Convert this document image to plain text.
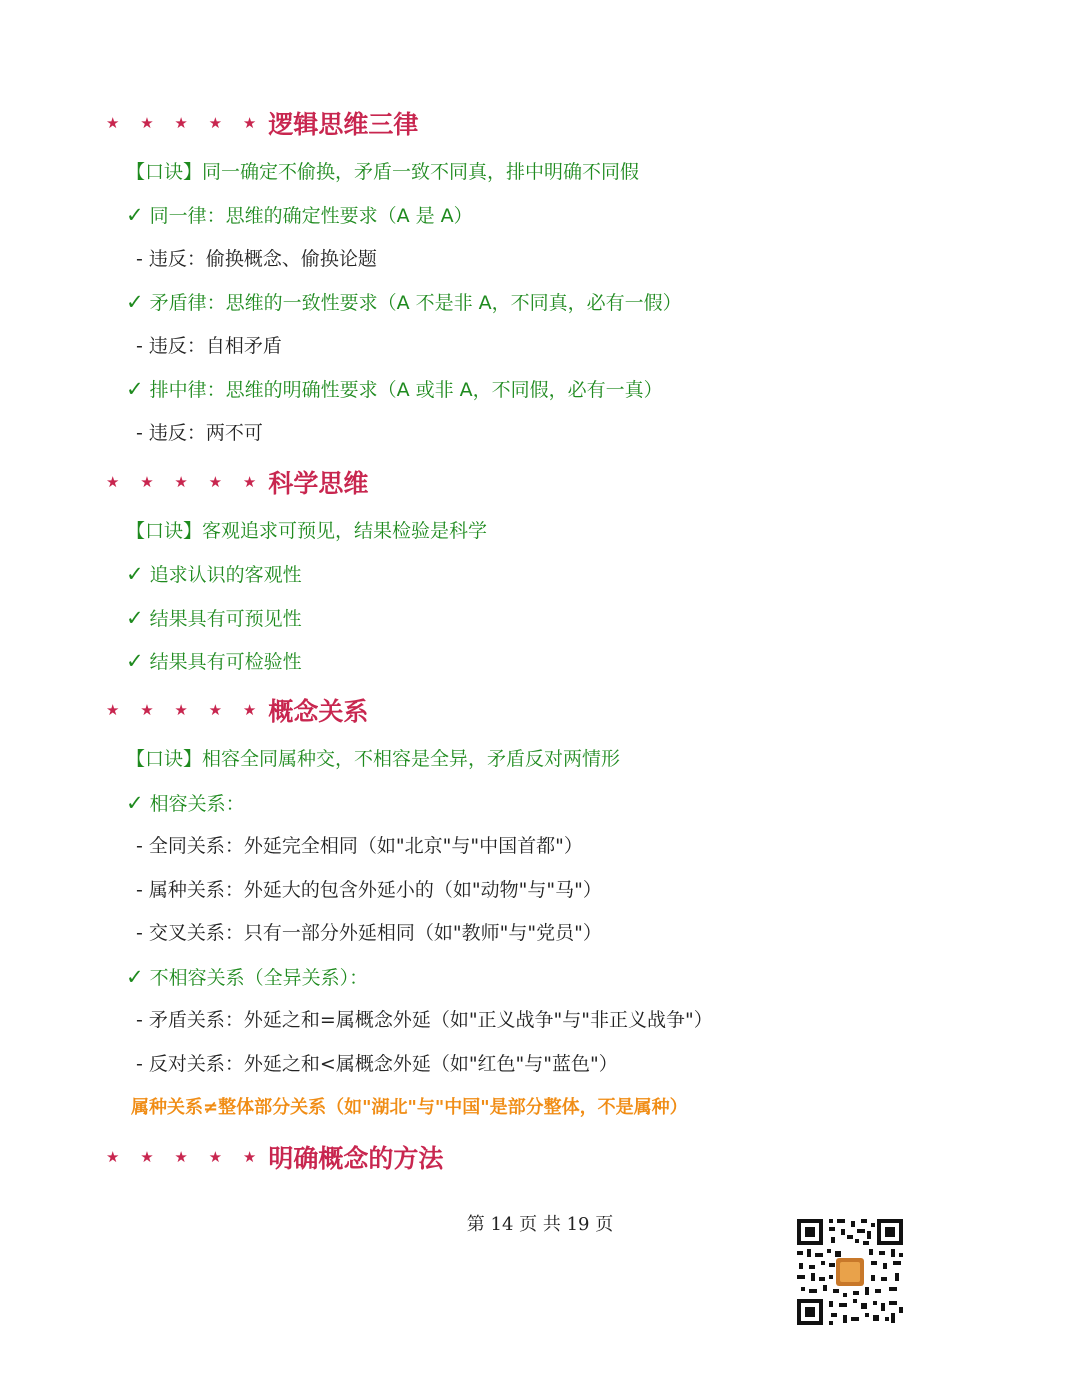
★ ★ ★ ★ ★ 逻辑思维三律
【口诀】同一确定不偷换，矛盾一致不同真，排中明确不同假
✓ 同一律：思维的确定性要求（A 是 A）
- 违反：偷换概念、偷换论题
✓ 矛盾律：思维的一致性要求（A 不是非 A，不同真，必有一假）
- 违反：自相矛盾
✓ 排中律：思维的明确性要求（A 或非 A，不同假，必有一真）
- 违反：两不可
★ ★ ★ ★ ★ 科学思维
【口诀】客观追求可预见，结果检验是科学
✓ 追求认识的客观性
✓ 结果具有可预见性
✓ 结果具有可检验性
★ ★ ★ ★ ★ 概念关系
【口诀】相容全同属种交，不相容是全异，矛盾反对两情形
✓ 相容关系：
- 全同关系：外延完全相同（如"北京"与"中国首都"）
- 属种关系：外延大的包含外延小的（如"动物"与"马"）
- 交叉关系：只有一部分外延相同（如"教师"与"党员"）
✓ 不相容关系（全异关系）：
- 矛盾关系：外延之和=属概念外延（如"正义战争"与"非正义战争"）
- 反对关系：外延之和<属概念外延（如"红色"与"蓝色"）
属种关系≠整体部分关系（如"湖北"与"中国"是部分整体，不是属种）
★ ★ ★ ★ ★ 明确概念的方法
第 14 页 共 19 页
